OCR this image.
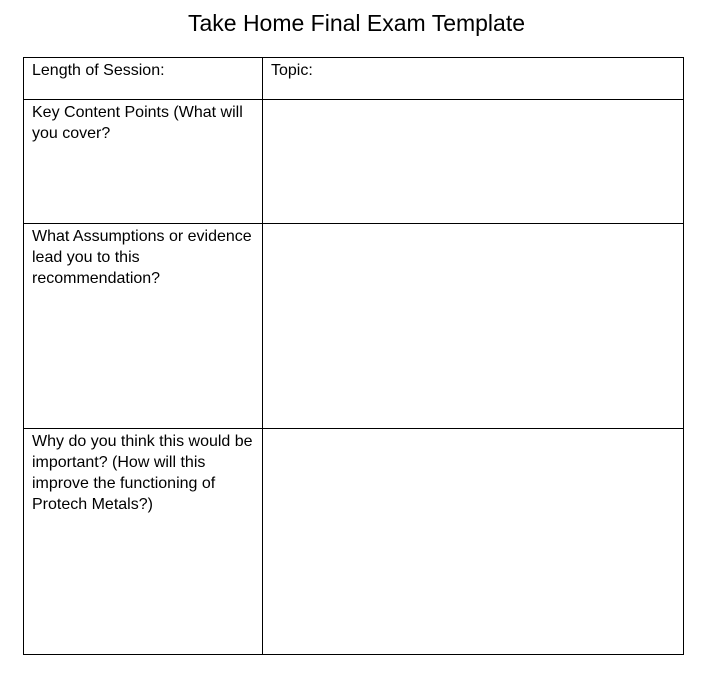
Take Home Final Exam Template
Length of Session:	Topic:

Key Content Points (What will you cover?	

What Assumptions or evidence lead you to this recommendation?	

Why do you think this would be important? (How will this improve the functioning of Protech Metals?)	
